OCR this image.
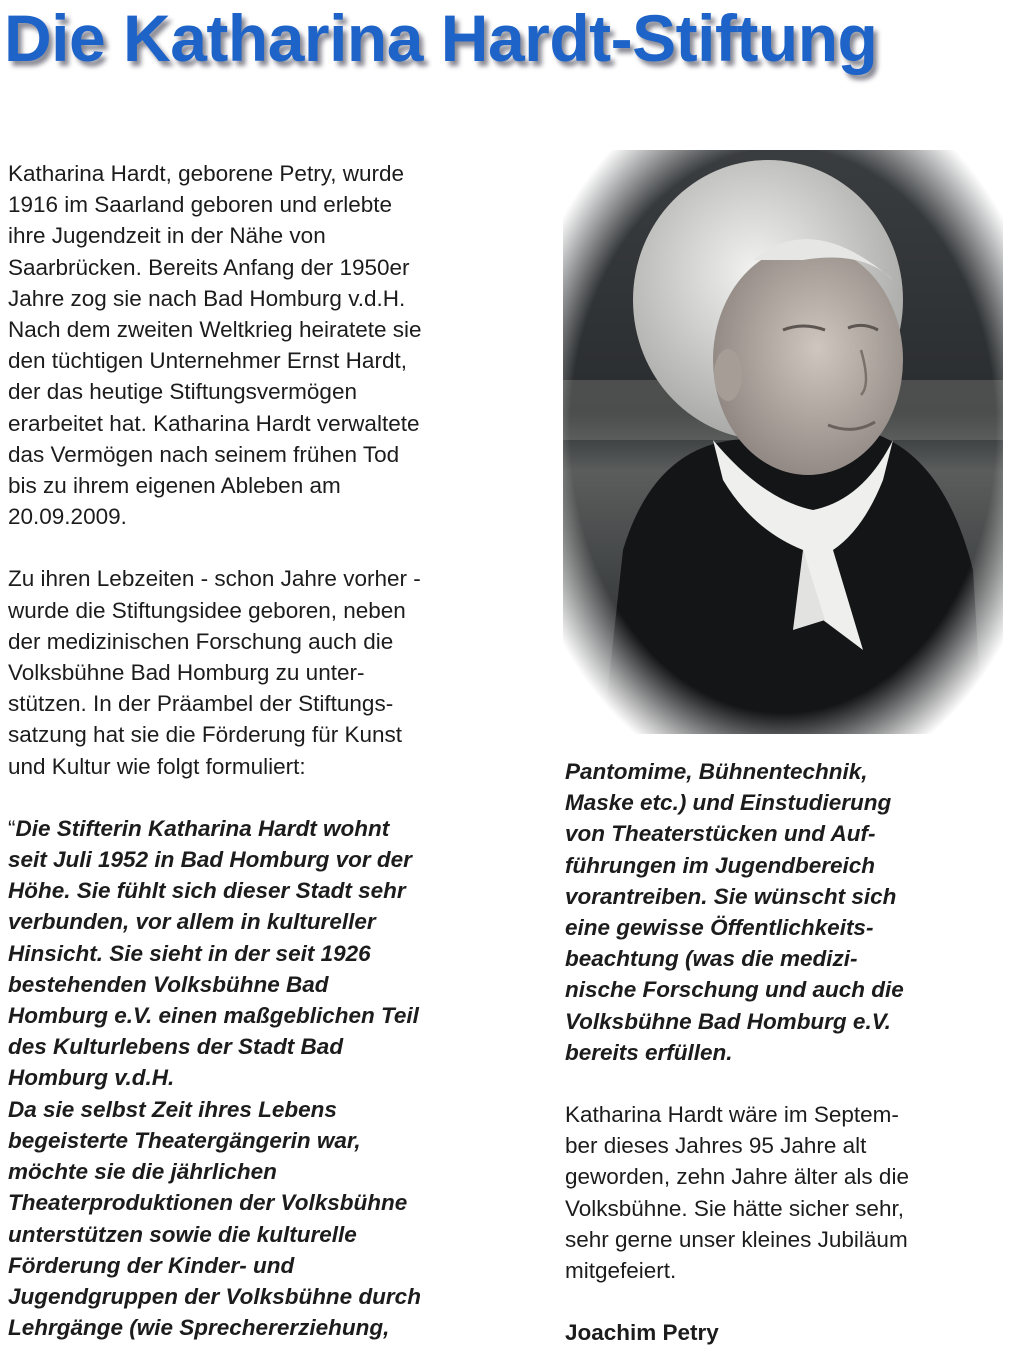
Die Katharina Hardt-Stiftung

Katharina Hardt, geborene Petry, wurde
1916 im Saarland geboren und erlebte
ihre Jugendzeit in der Nähe von
Saarbrücken. Bereits Anfang der 1950er
Jahre zog sie nach Bad Homburg v.d.H.
Nach dem zweiten Weltkrieg heiratete sie
den tüchtigen Unternehmer Ernst Hardt,
der das heutige Stiftungsvermögen
erarbeitet hat. Katharina Hardt verwaltete
das Vermögen nach seinem frühen Tod
bis zu ihrem eigenen Ableben am
20.09.2009.

Zu ihren Lebzeiten - schon Jahre vorher -
wurde die Stiftungsidee geboren, neben
der medizinischen Forschung auch die
Volksbühne Bad Homburg zu unter-
stützen. In der Präambel der Stiftungs-
satzung hat sie die Förderung für Kunst
und Kultur wie folgt formuliert:

“Die Stifterin Katharina Hardt wohnt
seit Juli 1952 in Bad Homburg vor der
Höhe. Sie fühlt sich dieser Stadt sehr
verbunden, vor allem in kultureller
Hinsicht. Sie sieht in der seit 1926
bestehenden Volksbühne Bad
Homburg e.V. einen maßgeblichen Teil
des Kulturlebens der Stadt Bad
Homburg v.d.H.
Da sie selbst Zeit ihres Lebens
begeisterte Theatergängerin war,
möchte sie die jährlichen
Theaterproduktionen der Volksbühne
unterstützen sowie die kulturelle
Förderung der Kinder- und
Jugendgruppen der Volksbühne durch
Lehrgänge (wie Sprechererziehung,

Pantomime, Bühnentechnik,
Maske etc.) und Einstudierung
von Theaterstücken und Auf-
führungen im Jugendbereich
vorantreiben. Sie wünscht sich
eine gewisse Öffentlichkeits-
beachtung (was die medizi-
nische Forschung und auch die
Volksbühne Bad Homburg e.V.
bereits erfüllen.

Katharina Hardt wäre im Septem-
ber dieses Jahres 95 Jahre alt
geworden, zehn Jahre älter als die
Volksbühne. Sie hätte sicher sehr,
sehr gerne unser kleines Jubiläum
mitgefeiert.

Joachim Petry
